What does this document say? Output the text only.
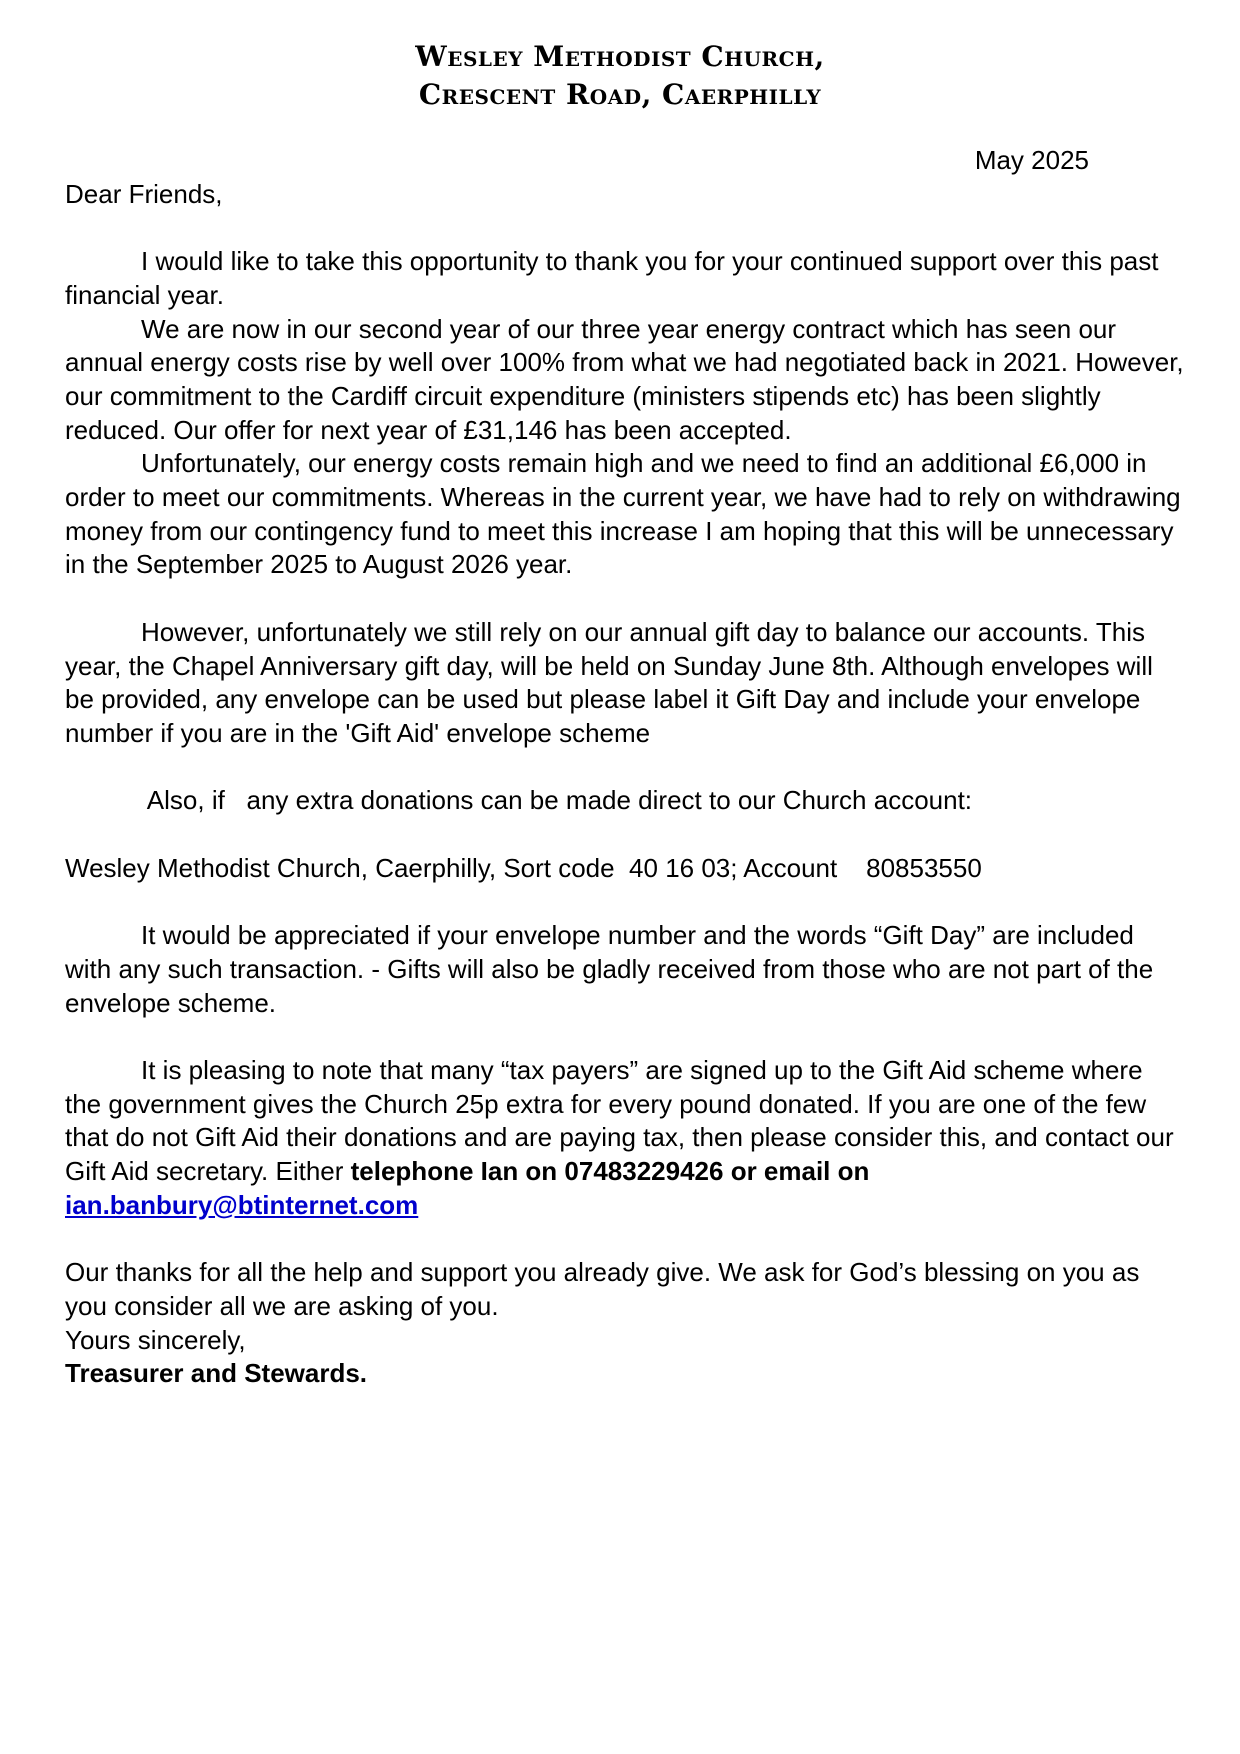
Wesley Methodist Church,
Crescent Road, Caerphilly

May 2025

Dear Friends,

I would like to take this opportunity to thank you for your continued support over this past financial year.

We are now in our second year of our three year energy contract which has seen our annual energy costs rise by well over 100% from what we had negotiated back in 2021. However, our commitment to the Cardiff circuit expenditure (ministers stipends etc) has been slightly reduced. Our offer for next year of £31,146 has been accepted.

Unfortunately, our energy costs remain high and we need to find an additional £6,000 in order to meet our commitments. Whereas in the current year, we have had to rely on withdrawing money from our contingency fund to meet this increase I am hoping that this will be unnecessary in the September 2025 to August 2026 year.

However, unfortunately we still rely on our annual gift day to balance our accounts. This year, the Chapel Anniversary gift day, will be held on Sunday June 8th. Although envelopes will be provided, any envelope can be used but please label it Gift Day and include your envelope number if you are in the 'Gift Aid' envelope scheme

Also, if   any extra donations can be made direct to our Church account:

Wesley Methodist Church, Caerphilly, Sort code  40 16 03; Account    80853550

It would be appreciated if your envelope number and the words “Gift Day” are included with any such transaction. - Gifts will also be gladly received from those who are not part of the envelope scheme.

It is pleasing to note that many “tax payers” are signed up to the Gift Aid scheme where the government gives the Church 25p extra for every pound donated. If you are one of the few that do not Gift Aid their donations and are paying tax, then please consider this, and contact our Gift Aid secretary. Either telephone Ian on 07483229426 or email on ian.banbury@btinternet.com

Our thanks for all the help and support you already give. We ask for God’s blessing on you as you consider all we are asking of you.

Yours sincerely,

Treasurer and Stewards.
